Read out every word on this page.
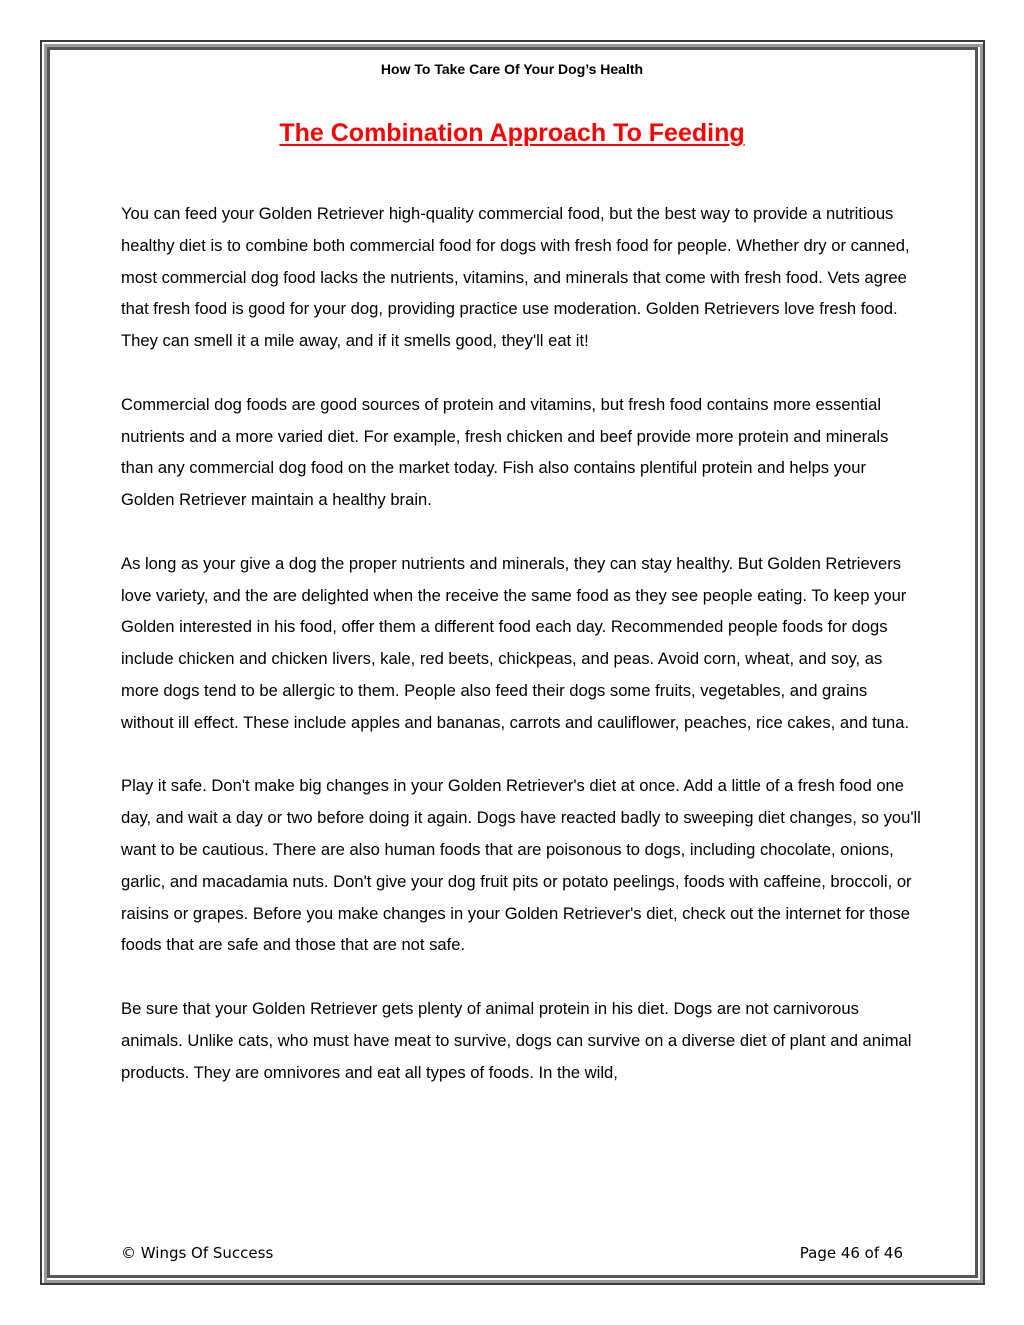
How To Take Care Of Your Dog’s Health
The Combination Approach To Feeding

You can feed your Golden Retriever high-quality commercial food, but the best way to provide a nutritious healthy diet is to combine both commercial food for dogs with fresh food for people. Whether dry or canned, most commercial dog food lacks the nutrients, vitamins, and minerals that come with fresh food. Vets agree that fresh food is good for your dog, providing practice use moderation. Golden Retrievers love fresh food. They can smell it a mile away, and if it smells good, they'll eat it!

Commercial dog foods are good sources of protein and vitamins, but fresh food contains more essential nutrients and a more varied diet. For example, fresh chicken and beef provide more protein and minerals than any commercial dog food on the market today. Fish also contains plentiful protein and helps your Golden Retriever maintain a healthy brain.

As long as your give a dog the proper nutrients and minerals, they can stay healthy. But Golden Retrievers love variety, and the are delighted when the receive the same food as they see people eating. To keep your Golden interested in his food, offer them a different food each day. Recommended people foods for dogs include chicken and chicken livers, kale, red beets, chickpeas, and peas. Avoid corn, wheat, and soy, as more dogs tend to be allergic to them. People also feed their dogs some fruits, vegetables, and grains without ill effect. These include apples and bananas, carrots and cauliflower, peaches, rice cakes, and tuna.

Play it safe. Don't make big changes in your Golden Retriever's diet at once. Add a little of a fresh food one day, and wait a day or two before doing it again. Dogs have reacted badly to sweeping diet changes, so you'll want to be cautious. There are also human foods that are poisonous to dogs, including chocolate, onions, garlic, and macadamia nuts. Don't give your dog fruit pits or potato peelings, foods with caffeine, broccoli, or raisins or grapes. Before you make changes in your Golden Retriever's diet, check out the internet for those foods that are safe and those that are not safe.

Be sure that your Golden Retriever gets plenty of animal protein in his diet. Dogs are not carnivorous animals. Unlike cats, who must have meat to survive, dogs can survive on a diverse diet of plant and animal products. They are omnivores and eat all types of foods. In the wild,

© Wings Of Success	Page 46 of 46
